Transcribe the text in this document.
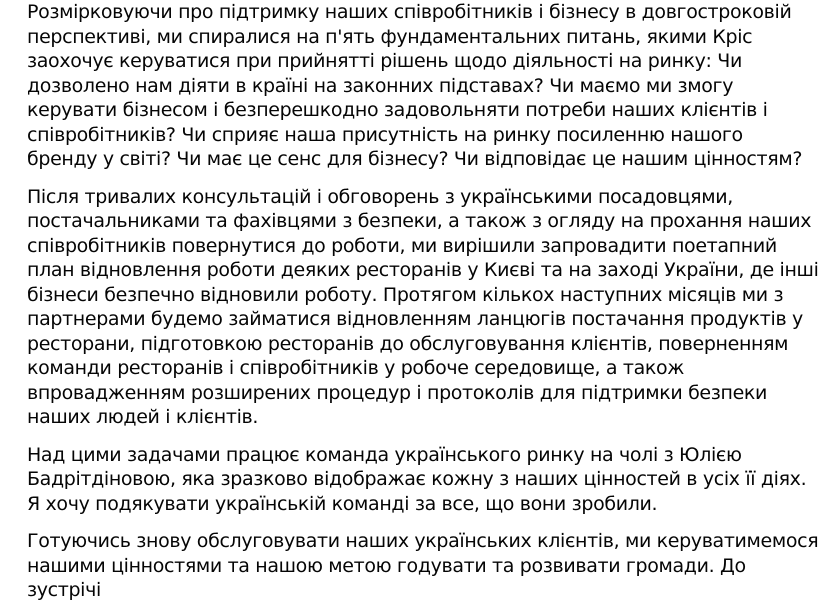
Розмірковуючи про підтримку наших співробітників і бізнесу в довгостроковій
перспективі, ми спиралися на п'ять фундаментальних питань, якими Кріс
заохочує керуватися при прийнятті рішень щодо діяльності на ринку: Чи
дозволено нам діяти в країні на законних підставах? Чи маємо ми змогу
керувати бізнесом і безперешкодно задовольняти потреби наших клієнтів і
співробітників? Чи сприяє наша присутність на ринку посиленню нашого
бренду у світі? Чи має це сенс для бізнесу? Чи відповідає це нашим цінностям?

Після тривалих консультацій і обговорень з українськими посадовцями,
постачальниками та фахівцями з безпеки, а також з огляду на прохання наших
співробітників повернутися до роботи, ми вирішили запровадити поетапний
план відновлення роботи деяких ресторанів у Києві та на заході України, де інші
бізнеси безпечно відновили роботу. Протягом кількох наступних місяців ми з
партнерами будемо займатися відновленням ланцюгів постачання продуктів у
ресторани, підготовкою ресторанів до обслуговування клієнтів, поверненням
команди ресторанів і співробітників у робоче середовище, а також
впровадженням розширених процедур і протоколів для підтримки безпеки
наших людей і клієнтів.

Над цими задачами працює команда українського ринку на чолі з Юлією
Бадрітдіновою, яка зразково відображає кожну з наших цінностей в усіх її діях.
Я хочу подякувати українській команді за все, що вони зробили.

Готуючись знову обслуговувати наших українських клієнтів, ми керуватимемося
нашими цінностями та нашою метою годувати та розвивати громади. До
зустрічі
